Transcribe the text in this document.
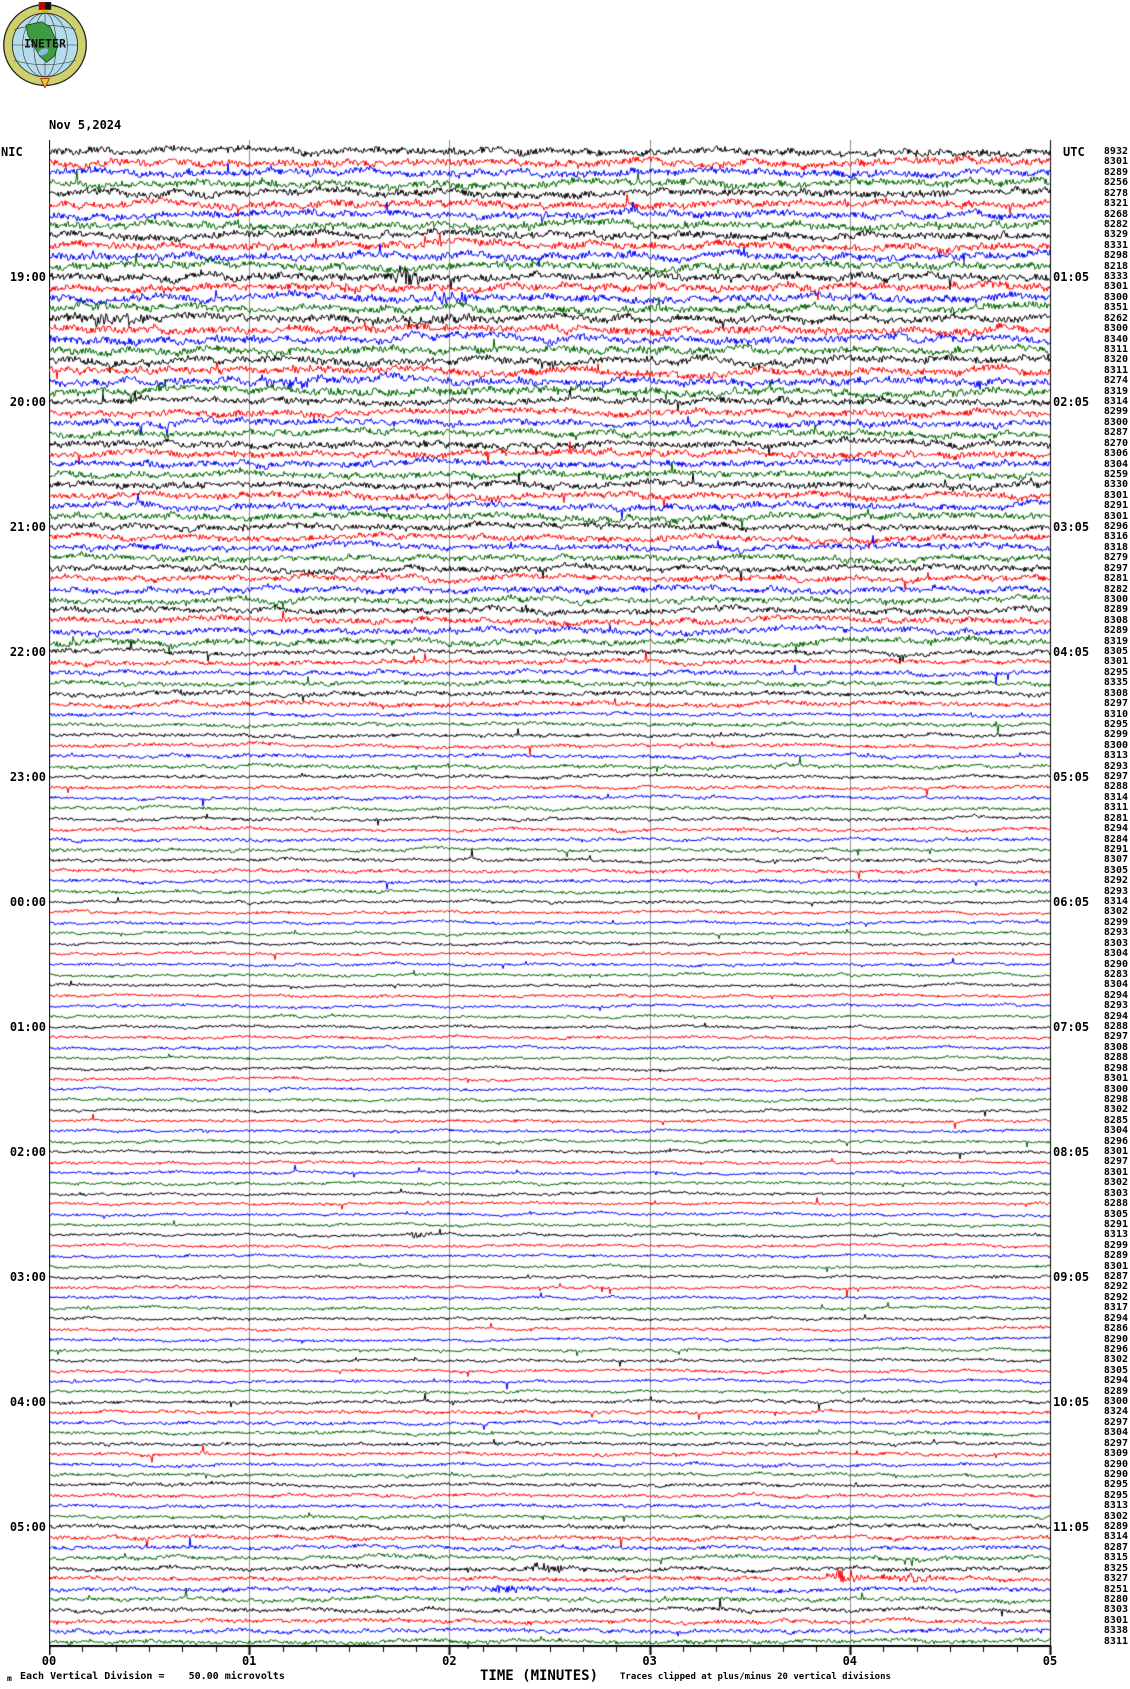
INETER

Nov 5,2024

NIC	UTC
19:00
20:00
21:00
22:00
23:00
00:00
01:00
02:00
03:00
04:00
05:00
01:05
02:05
03:05
04:05
05:05
06:05
07:05
08:05
09:05
10:05
11:05
8932
8301
8289
8256
8278
8321
8268
8282
8329
8331
8298
8218
8333
8301
8300
8351
8262
8300
8340
8311
8320
8311
8274
8319
8314
8299
8300
8287
8270
8306
8304
8259
8330
8301
8291
8301
8296
8316
8318
8279
8297
8281
8282
8300
8289
8308
8289
8319
8305
8301
8295
8335
8308
8297
8310
8295
8299
8300
8313
8293
8297
8288
8314
8311
8281
8294
8284
8291
8307
8305
8292
8293
8314
8302
8299
8293
8303
8304
8290
8283
8304
8294
8293
8294
8288
8297
8308
8288
8298
8301
8300
8298
8302
8285
8304
8296
8301
8297
8301
8302
8303
8288
8305
8291
8313
8299
8289
8301
8287
8292
8292
8317
8294
8286
8290
8296
8302
8305
8294
8289
8300
8324
8297
8304
8297
8309
8290
8290
8295
8295
8313
8302
8289
8314
8287
8315
8325
8327
8251
8280
8303
8301
8338
8311
00	01	02	03	04	05
m Each Vertical Division =    50.00 microvolts	TIME (MINUTES) Traces clipped at plus/minus 20 vertical divisions
